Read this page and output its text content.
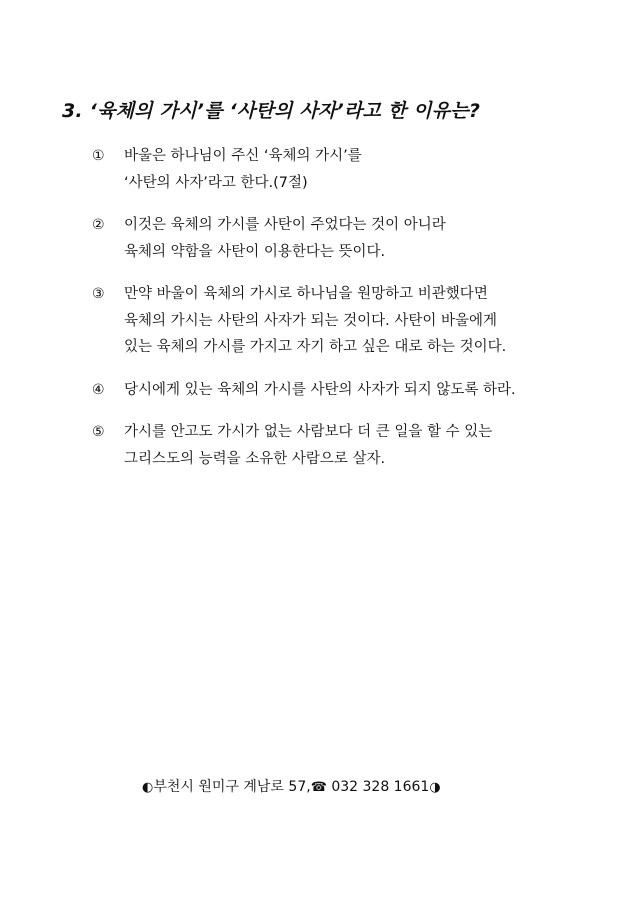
3. ‘육체의 가시’를 ‘사탄의 사자’라고 한 이유는?
①	바울은 하나님이 주신 ‘육체의 가시’를
‘사탄의 사자’라고 한다.(7절)
②	이것은 육체의 가시를 사탄이 주었다는 것이 아니라
육체의 약함을 사탄이 이용한다는 뜻이다.
③	만약 바울이 육체의 가시로 하나님을 원망하고 비관했다면
육체의 가시는 사탄의 사자가 되는 것이다. 사탄이 바울에게
있는 육체의 가시를 가지고 자기 하고 싶은 대로 하는 것이다.
④	당시에게 있는 육체의 가시를 사탄의 사자가 되지 않도록 하라.
⑤	가시를 안고도 가시가 없는 사람보다 더 큰 일을 할 수 있는
그리스도의 능력을 소유한 사람으로 살자.
◐부천시 원미구 계남로 57,☎ 032 328 1661◑
